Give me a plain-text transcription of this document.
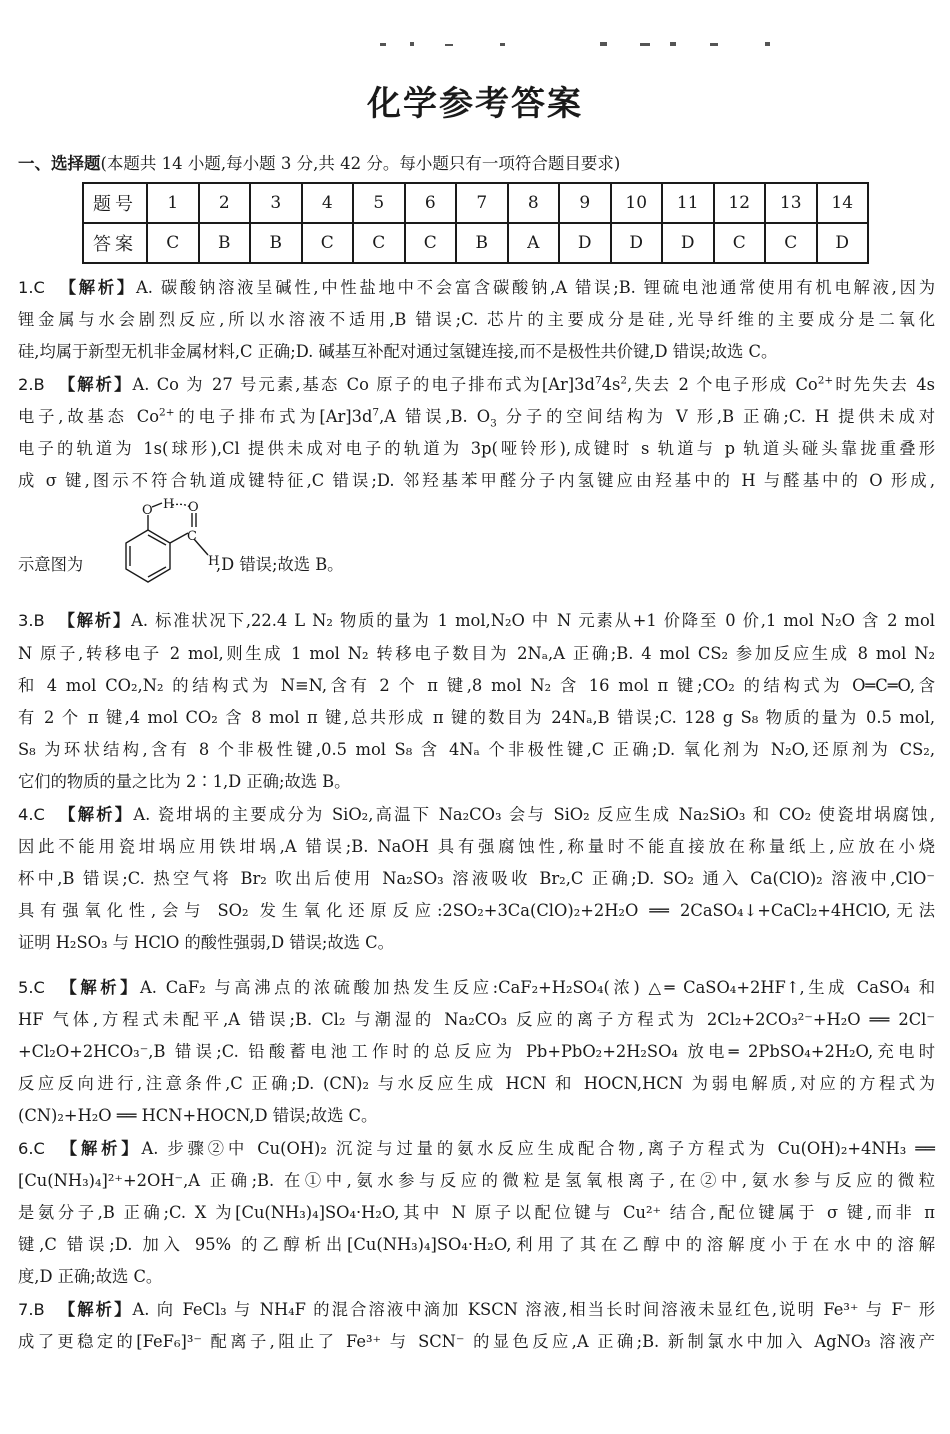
化学参考答案
一、选择题(本题共 14 小题,每小题 3 分,共 42 分。每小题只有一项符合题目要求)
题号	1	2	3	4	5	6	7	8	9	10	11	12	13	14
答案	C	B	B	C	C	C	B	A	D	D	D	C	C	D

1.C 【解析】A. 碳酸钠溶液呈碱性,中性盐地中不会富含碳酸钠,A 错误;B. 锂硫电池通常使用有机电解液,因为
锂金属与水会剧烈反应,所以水溶液不适用,B 错误;C. 芯片的主要成分是硅,光导纤维的主要成分是二氧化
硅,均属于新型无机非金属材料,C 正确;D. 碱基互补配对通过氢键连接,而不是极性共价键,D 错误;故选 C。

2.B 【解析】A. Co 为 27 号元素,基态 Co 原子的电子排布式为$[Ar]3d^74s^2$,失去 2 个电子形成 $Co^{2+}$时先失去 4s
电子,故基态 $Co^{2+}$的电子排布式为$[Ar]3d^7,A$ 错误,B. $O_3$ 分子的空间结构为 V 形,B 正确;C. H 提供未成对
电子的轨道为 1s(球形),Cl 提供未成对电子的轨道为 3p(哑铃形),成键时 s 轨道与 p 轨道头碰头靠拢重叠形
成 σ 键,图示不符合轨道成键特征,C 错误;D. 邻羟基苯甲醛分子内氢键应由羟基中的 H 与醛基中的 O 形成,

示意图为
O H O
C
H
,D 错误;故选 B。

3.B 【解析】A. 标准状况下,22.4 L N₂ 物质的量为 1 mol,N₂O 中 N 元素从+1 价降至 0 价,1 mol N₂O 含 2 mol
N 原子,转移电子 2 mol,则生成 1 mol N₂ 转移电子数目为 2Nₐ,A 正确;B. 4 mol CS₂ 参加反应生成 8 mol N₂
和 4 mol CO₂,N₂ 的结构式为 N≡N,含有 2 个 π 键,8 mol N₂ 含 16 mol π 键;CO₂ 的结构式为 O═C═O,含
有 2 个 π 键,4 mol CO₂ 含 8 mol π 键,总共形成 π 键的数目为 24Nₐ,B 错误;C. 128 g S₈ 物质的量为 0.5 mol,
S₈ 为环状结构,含有 8 个非极性键,0.5 mol S₈ 含 4Nₐ 个非极性键,C 正确;D. 氧化剂为 N₂O,还原剂为 CS₂,
它们的物质的量之比为 2∶1,D 正确;故选 B。

4.C 【解析】A. 瓷坩埚的主要成分为 SiO₂,高温下 Na₂CO₃ 会与 SiO₂ 反应生成 Na₂SiO₃ 和 CO₂ 使瓷坩埚腐蚀,
因此不能用瓷坩埚应用铁坩埚,A 错误;B. NaOH 具有强腐蚀性,称量时不能直接放在称量纸上,应放在小烧
杯中,B 错误;C. 热空气将 Br₂ 吹出后使用 Na₂SO₃ 溶液吸收 Br₂,C 正确;D. SO₂ 通入 Ca(ClO)₂ 溶液中,ClO⁻
具有强氧化性,会与 SO₂ 发生氧化还原反应:2SO₂+3Ca(ClO)₂+2H₂O ══ 2CaSO₄↓+CaCl₂+4HClO,无法
证明 H₂SO₃ 与 HClO 的酸性强弱,D 错误;故选 C。

5.C 【解析】A. CaF₂ 与高沸点的浓硫酸加热发生反应:CaF₂+H₂SO₄(浓) △═ CaSO₄+2HF↑,生成 CaSO₄ 和
HF 气体,方程式未配平,A 错误;B. Cl₂ 与潮湿的 Na₂CO₃ 反应的离子方程式为 2Cl₂+2CO₃²⁻+H₂O ══ 2Cl⁻
+Cl₂O+2HCO₃⁻,B 错误;C. 铅酸蓄电池工作时的总反应为 Pb+PbO₂+2H₂SO₄ 放电═ 2PbSO₄+2H₂O,充电时
反应反向进行,注意条件,C 正确;D. (CN)₂ 与水反应生成 HCN 和 HOCN,HCN 为弱电解质,对应的方程式为
(CN)₂+H₂O ══ HCN+HOCN,D 错误;故选 C。

6.C 【解析】A. 步骤②中 Cu(OH)₂ 沉淀与过量的氨水反应生成配合物,离子方程式为 Cu(OH)₂+4NH₃ ══
[Cu(NH₃)₄]²⁺+2OH⁻,A 正确;B. 在①中,氨水参与反应的微粒是氢氧根离子,在②中,氨水参与反应的微粒
是氨分子,B 正确;C. X 为[Cu(NH₃)₄]SO₄·H₂O,其中 N 原子以配位键与 Cu²⁺ 结合,配位键属于 σ 键,而非 π
键,C 错误;D. 加入 95% 的乙醇析出[Cu(NH₃)₄]SO₄·H₂O,利用了其在乙醇中的溶解度小于在水中的溶解
度,D 正确;故选 C。

7.B 【解析】A. 向 FeCl₃ 与 NH₄F 的混合溶液中滴加 KSCN 溶液,相当长时间溶液未显红色,说明 Fe³⁺ 与 F⁻ 形
成了更稳定的[FeF₆]³⁻ 配离子,阻止了 Fe³⁺ 与 SCN⁻ 的显色反应,A 正确;B. 新制氯水中加入 AgNO₃ 溶液产
